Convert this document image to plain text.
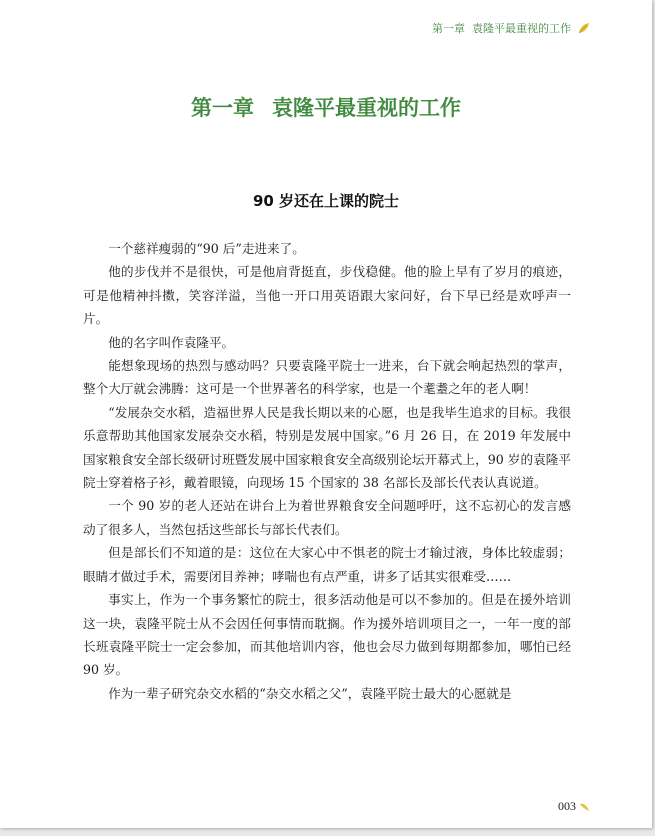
第一章 袁隆平最重视的工作
第一章 袁隆平最重视的工作
90 岁还在上课的院士

一个慈祥瘦弱的“90 后”走进来了。

他的步伐并不是很快，可是他肩背挺直，步伐稳健。他的脸上早有了岁月的痕迹，可是他精神抖擞，笑容洋溢，当他一开口用英语跟大家问好，台下早已经是欢呼声一片。

他的名字叫作袁隆平。

能想象现场的热烈与感动吗？只要袁隆平院士一进来，台下就会响起热烈的掌声，整个大厅就会沸腾：这可是一个世界著名的科学家，也是一个耄耋之年的老人啊！

“发展杂交水稻，造福世界人民是我长期以来的心愿，也是我毕生追求的目标。我很乐意帮助其他国家发展杂交水稻，特别是发展中国家。”6 月 26 日，在 2019 年发展中国家粮食安全部长级研讨班暨发展中国家粮食安全高级别论坛开幕式上，90 岁的袁隆平院士穿着格子衫，戴着眼镜，向现场 15 个国家的 38 名部长及部长代表认真说道。

一个 90 岁的老人还站在讲台上为着世界粮食安全问题呼吁，这不忘初心的发言感动了很多人，当然包括这些部长与部长代表们。

但是部长们不知道的是：这位在大家心中不惧老的院士才输过液，身体比较虚弱；眼睛才做过手术，需要闭目养神；哮喘也有点严重，讲多了话其实很难受……

事实上，作为一个事务繁忙的院士，很多活动他是可以不参加的。但是在援外培训这一块，袁隆平院士从不会因任何事情而耽搁。作为援外培训项目之一，一年一度的部长班袁隆平院士一定会参加，而其他培训内容，他也会尽力做到每期都参加，哪怕已经 90 岁。

作为一辈子研究杂交水稻的“杂交水稻之父”，袁隆平院士最大的心愿就是

003
